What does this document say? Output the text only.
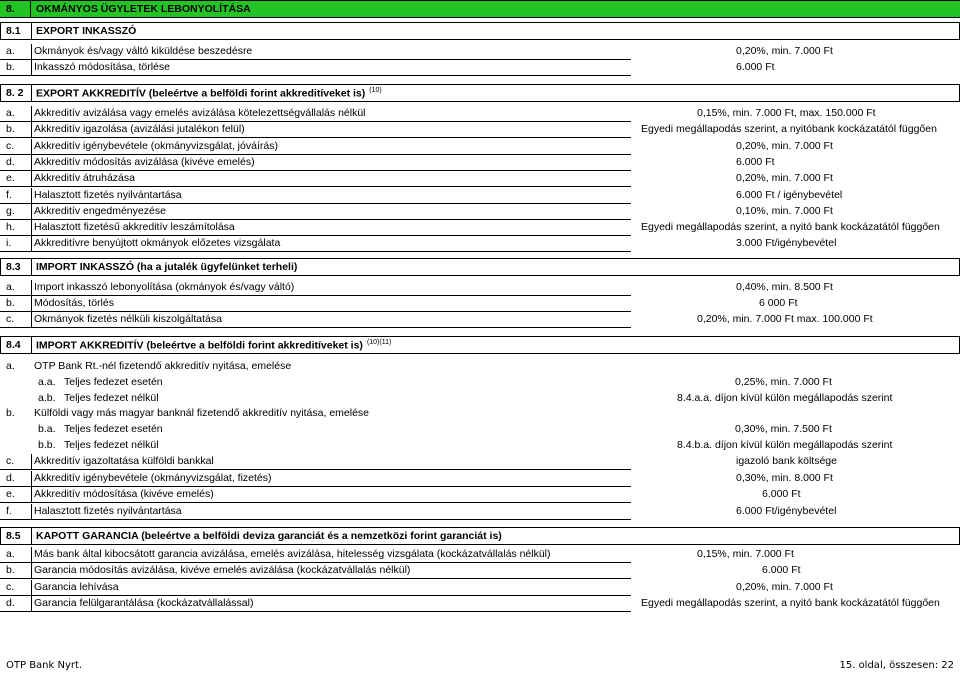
8. OKMÁNYOS ÜGYLETEK LEBONYOLÍTÁSA
8.1 EXPORT INKASSZÓ
a. Okmányok és/vagy váltó kiküldése beszedésre	0,20%, min. 7.000 Ft
b. Inkasszó módosítása, törlése	6.000 Ft
8. 2 EXPORT AKKREDITÍV (beleértve a belföldi forint akkreditíveket is) $^{(10)}$
a. Akkreditív avizálása vagy emelés avizálása kötelezettségvállalás nélkül	0,15%, min. 7.000 Ft, max. 150.000 Ft
b. Akkreditív igazolása (avizálási jutalékon felül)	Egyedi megállapodás szerint, a nyitóbank kockázatától függően
c. Akkreditív igénybevétele (okmányvizsgálat, jóváírás)	0,20%, min. 7.000 Ft
d. Akkreditív módosítás avizálása (kivéve emelés)	6.000 Ft
e. Akkreditív átruházása	0,20%, min. 7.000 Ft
f. Halasztott fizetés nyilvántartása	6.000 Ft / igénybevétel
g. Akkreditív engedményezése	0,10%, min. 7.000 Ft
h. Halasztott fizetésű akkreditív leszámítolása	Egyedi megállapodás szerint, a nyitó bank kockázatától függően
i. Akkreditívre benyújtott okmányok előzetes vizsgálata	3.000 Ft/igénybevétel
8.3 IMPORT INKASSZÓ (ha a jutalék ügyfelünket terheli)
a. Import inkasszó lebonyolítása (okmányok és/vagy váltó)	0,40%, min. 8.500 Ft
b. Módosítás, törlés	6 000 Ft
c. Okmányok fizetés nélküli kiszolgáltatása	0,20%, min. 7.000 Ft max. 100.000 Ft
8.4 IMPORT AKKREDITÍV (beleértve a belföldi forint akkreditíveket is) $^{(10)(11)}$
a. OTP Bank Rt.-nél fizetendő akkreditív nyitása, emelése
a.a. Teljes fedezet esetén	0,25%, min. 7.000 Ft
a.b. Teljes fedezet nélkül	8.4.a.a. díjon kívül külön megállapodás szerint
b. Külföldi vagy más magyar banknál fizetendő akkreditív nyitása, emelése
b.a. Teljes fedezet esetén	0,30%, min. 7.500 Ft
b.b. Teljes fedezet nélkül	8.4.b.a. díjon kívül külön megállapodás szerint
c. Akkreditív igazoltatása külföldi bankkal	igazoló bank költsége
d. Akkreditív igénybevétele (okmányvizsgálat, fizetés)	0,30%, min. 8.000 Ft
e. Akkreditív módosítása (kivéve emelés)	6.000 Ft
f. Halasztott fizetés nyilvántartása	6.000 Ft/igénybevétel
8.5 KAPOTT GARANCIA (beleértve a belföldi deviza garanciát és a nemzetközi forint garanciát is)
a. Más bank által kibocsátott garancia avizálása, emelés avizálása, hitelesség vizsgálata (kockázatvállalás nélkül)	0,15%, min. 7.000 Ft
b. Garancia módosítás avizálása, kivéve emelés avizálása (kockázatvállalás nélkül)	6.000 Ft
c. Garancia lehívása	0,20%, min. 7.000 Ft
d. Garancia felülgarantálása (kockázatvállalással)	Egyedi megállapodás szerint, a nyitó bank kockázatától függően
OTP Bank Nyrt.	15. oldal, összesen: 22
